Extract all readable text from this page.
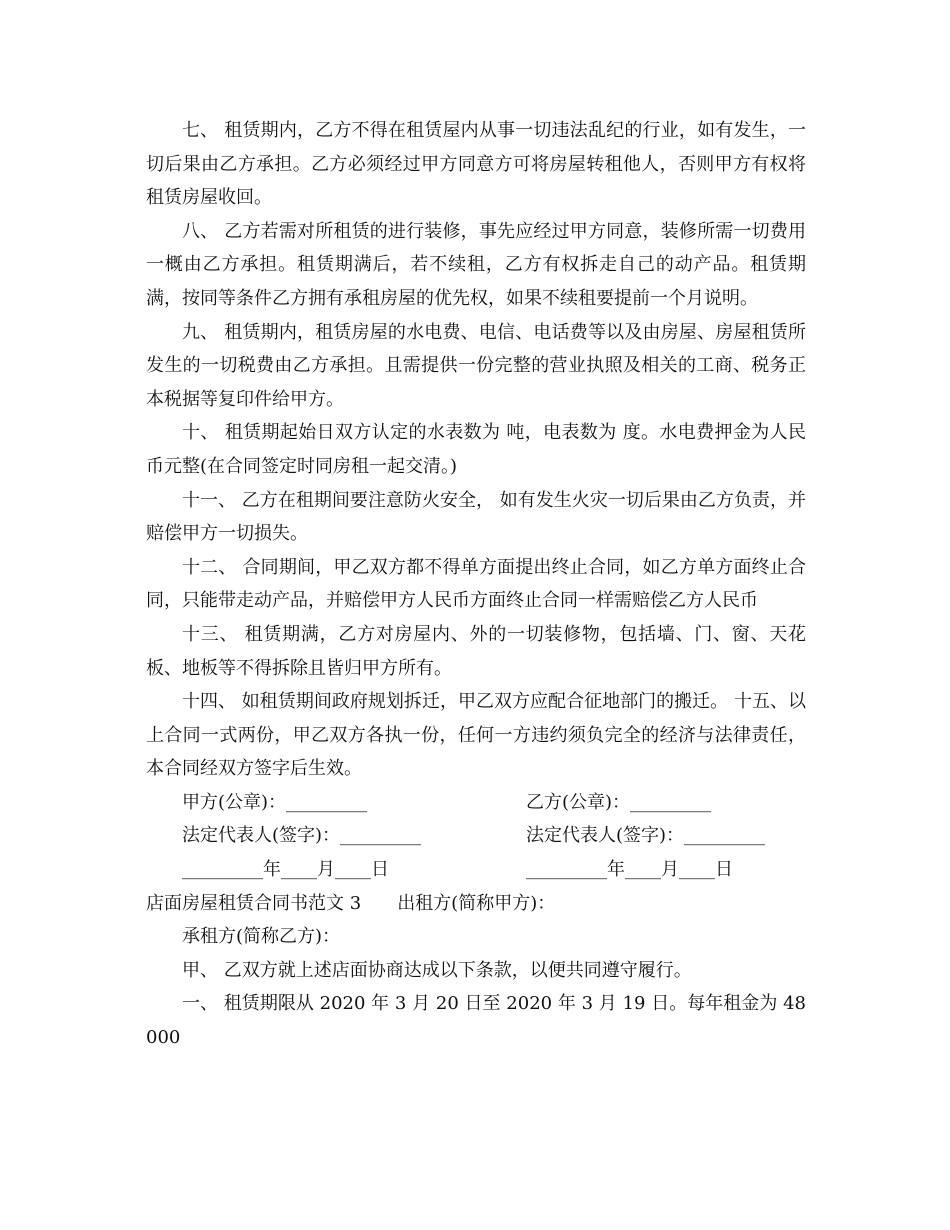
七、 租赁期内，乙方不得在租赁屋内从事一切违法乱纪的行业，如有发生，一切后果由乙方承担。乙方必须经过甲方同意方可将房屋转租他人，否则甲方有权将租赁房屋收回。

八、 乙方若需对所租赁的进行装修，事先应经过甲方同意，装修所需一切费用一概由乙方承担。租赁期满后，若不续租，乙方有权拆走自己的动产品。租赁期满，按同等条件乙方拥有承租房屋的优先权，如果不续租要提前一个月说明。

九、 租赁期内，租赁房屋的水电费、电信、电话费等以及由房屋、房屋租赁所发生的一切税费由乙方承担。且需提供一份完整的营业执照及相关的工商、税务正本税据等复印件给甲方。

十、 租赁期起始日双方认定的水表数为 吨，电表数为 度。水电费押金为人民币元整(在合同签定时同房租一起交清。)

十一、 乙方在租期间要注意防火安全， 如有发生火灾一切后果由乙方负责，并赔偿甲方一切损失。

十二、 合同期间，甲乙双方都不得单方面提出终止合同，如乙方单方面终止合同，只能带走动产品，并赔偿甲方人民币方面终止合同一样需赔偿乙方人民币

十三、 租赁期满，乙方对房屋内、外的一切装修物，包括墙、门、窗、天花板、地板等不得拆除且皆归甲方所有。

十四、 如租赁期间政府规划拆迁，甲乙双方应配合征地部门的搬迁。 十五、以上合同一式两份，甲乙双方各执一份，任何一方违约须负完全的经济与法律责任，本合同经双方签字后生效。

甲方(公章)：_________	乙方(公章)：_________
法定代表人(签字)：_________	法定代表人(签字)：_________
_________年____月____日	_________年____月____日
店面房屋租赁合同书范文 3 出租方(简称甲方)：
承租方(简称乙方)：

甲、 乙双方就上述店面协商达成以下条款，以便共同遵守履行。

一、 租赁期限从 2020 年 3 月 20 日至 2020 年 3 月 19 日。每年租金为 48000
